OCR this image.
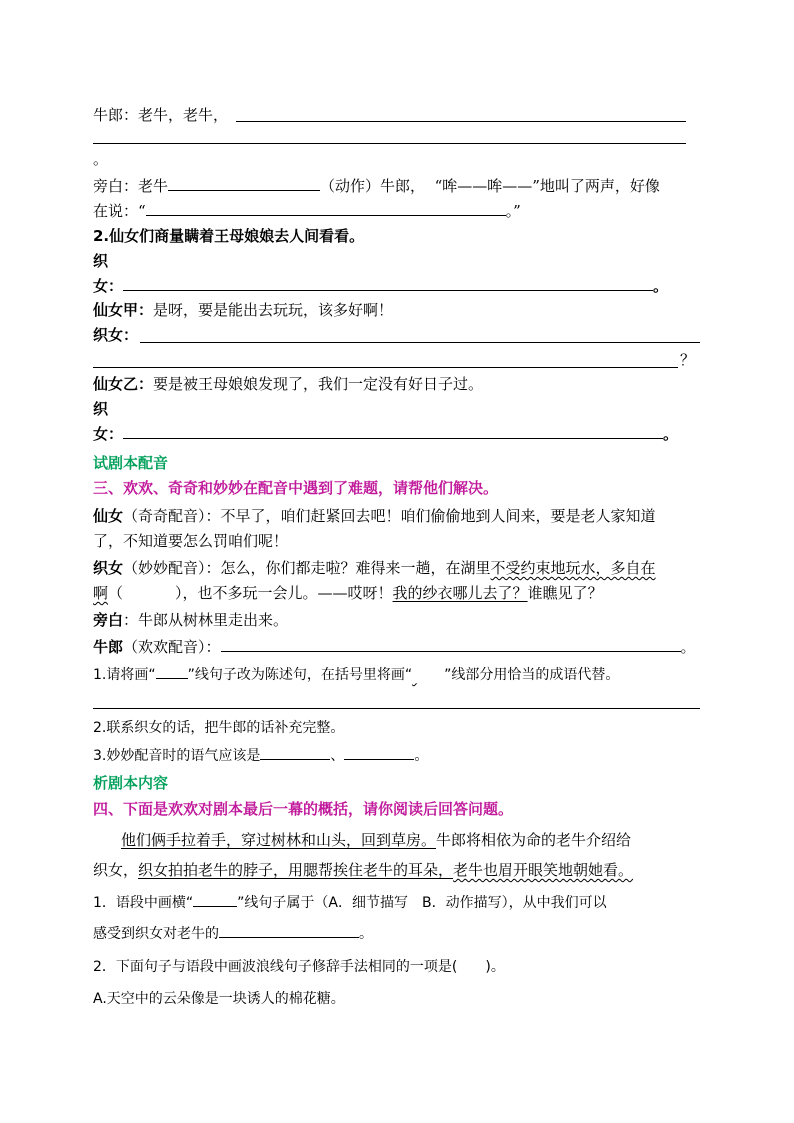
牛郎：老牛，老牛，
。
旁白：老牛	（动作）牛郎， “哞——哞——”地叫了两声，好像
在说：“	。”
2.仙女们商量瞒着王母娘娘去人间看看。
织
女：	。
仙女甲：是呀，要是能出去玩玩，该多好啊！
织女：
？
仙女乙：要是被王母娘娘发现了，我们一定没有好日子过。
织
女：	。
试剧本配音
三、欢欢、奇奇和妙妙在配音中遇到了难题，请帮他们解决。
仙女（奇奇配音）：不早了，咱们赶紧回去吧！咱们偷偷地到人间来，要是老人家知道
了，不知道要怎么罚咱们呢！
织女（妙妙配音）：怎么，你们都走啦？难得来一趟，在湖里不受约束地玩水，多自在
啊（	），也不多玩一会儿。——哎呀！我的纱衣哪儿去了？谁瞧见了？
旁白：牛郎从树林里走出来。
牛郎（欢欢配音）：	。
1.请将画“ ”线句子改为陈述句，在括号里将画“ ”线部分用恰当的成语代替。
2.联系织女的话，把牛郎的话补充完整。
3.妙妙配音时的语气应该是	、	。
析剧本内容
四、下面是欢欢对剧本最后一幕的概括，请你阅读后回答问题。
他们俩手拉着手，穿过树林和山头，回到草房。牛郎将相依为命的老牛介绍给
织女，织女拍拍老牛的脖子，用腮帮挨住老牛的耳朵，老牛也眉开眼笑地朝她看。
1．语段中画横“	”线句子属于（A．细节描写　B．动作描写），从中我们可以
感受到织女对老牛的	。
2．下面句子与语段中画波浪线句子修辞手法相同的一项是(　　)。
A.天空中的云朵像是一块诱人的棉花糖。
